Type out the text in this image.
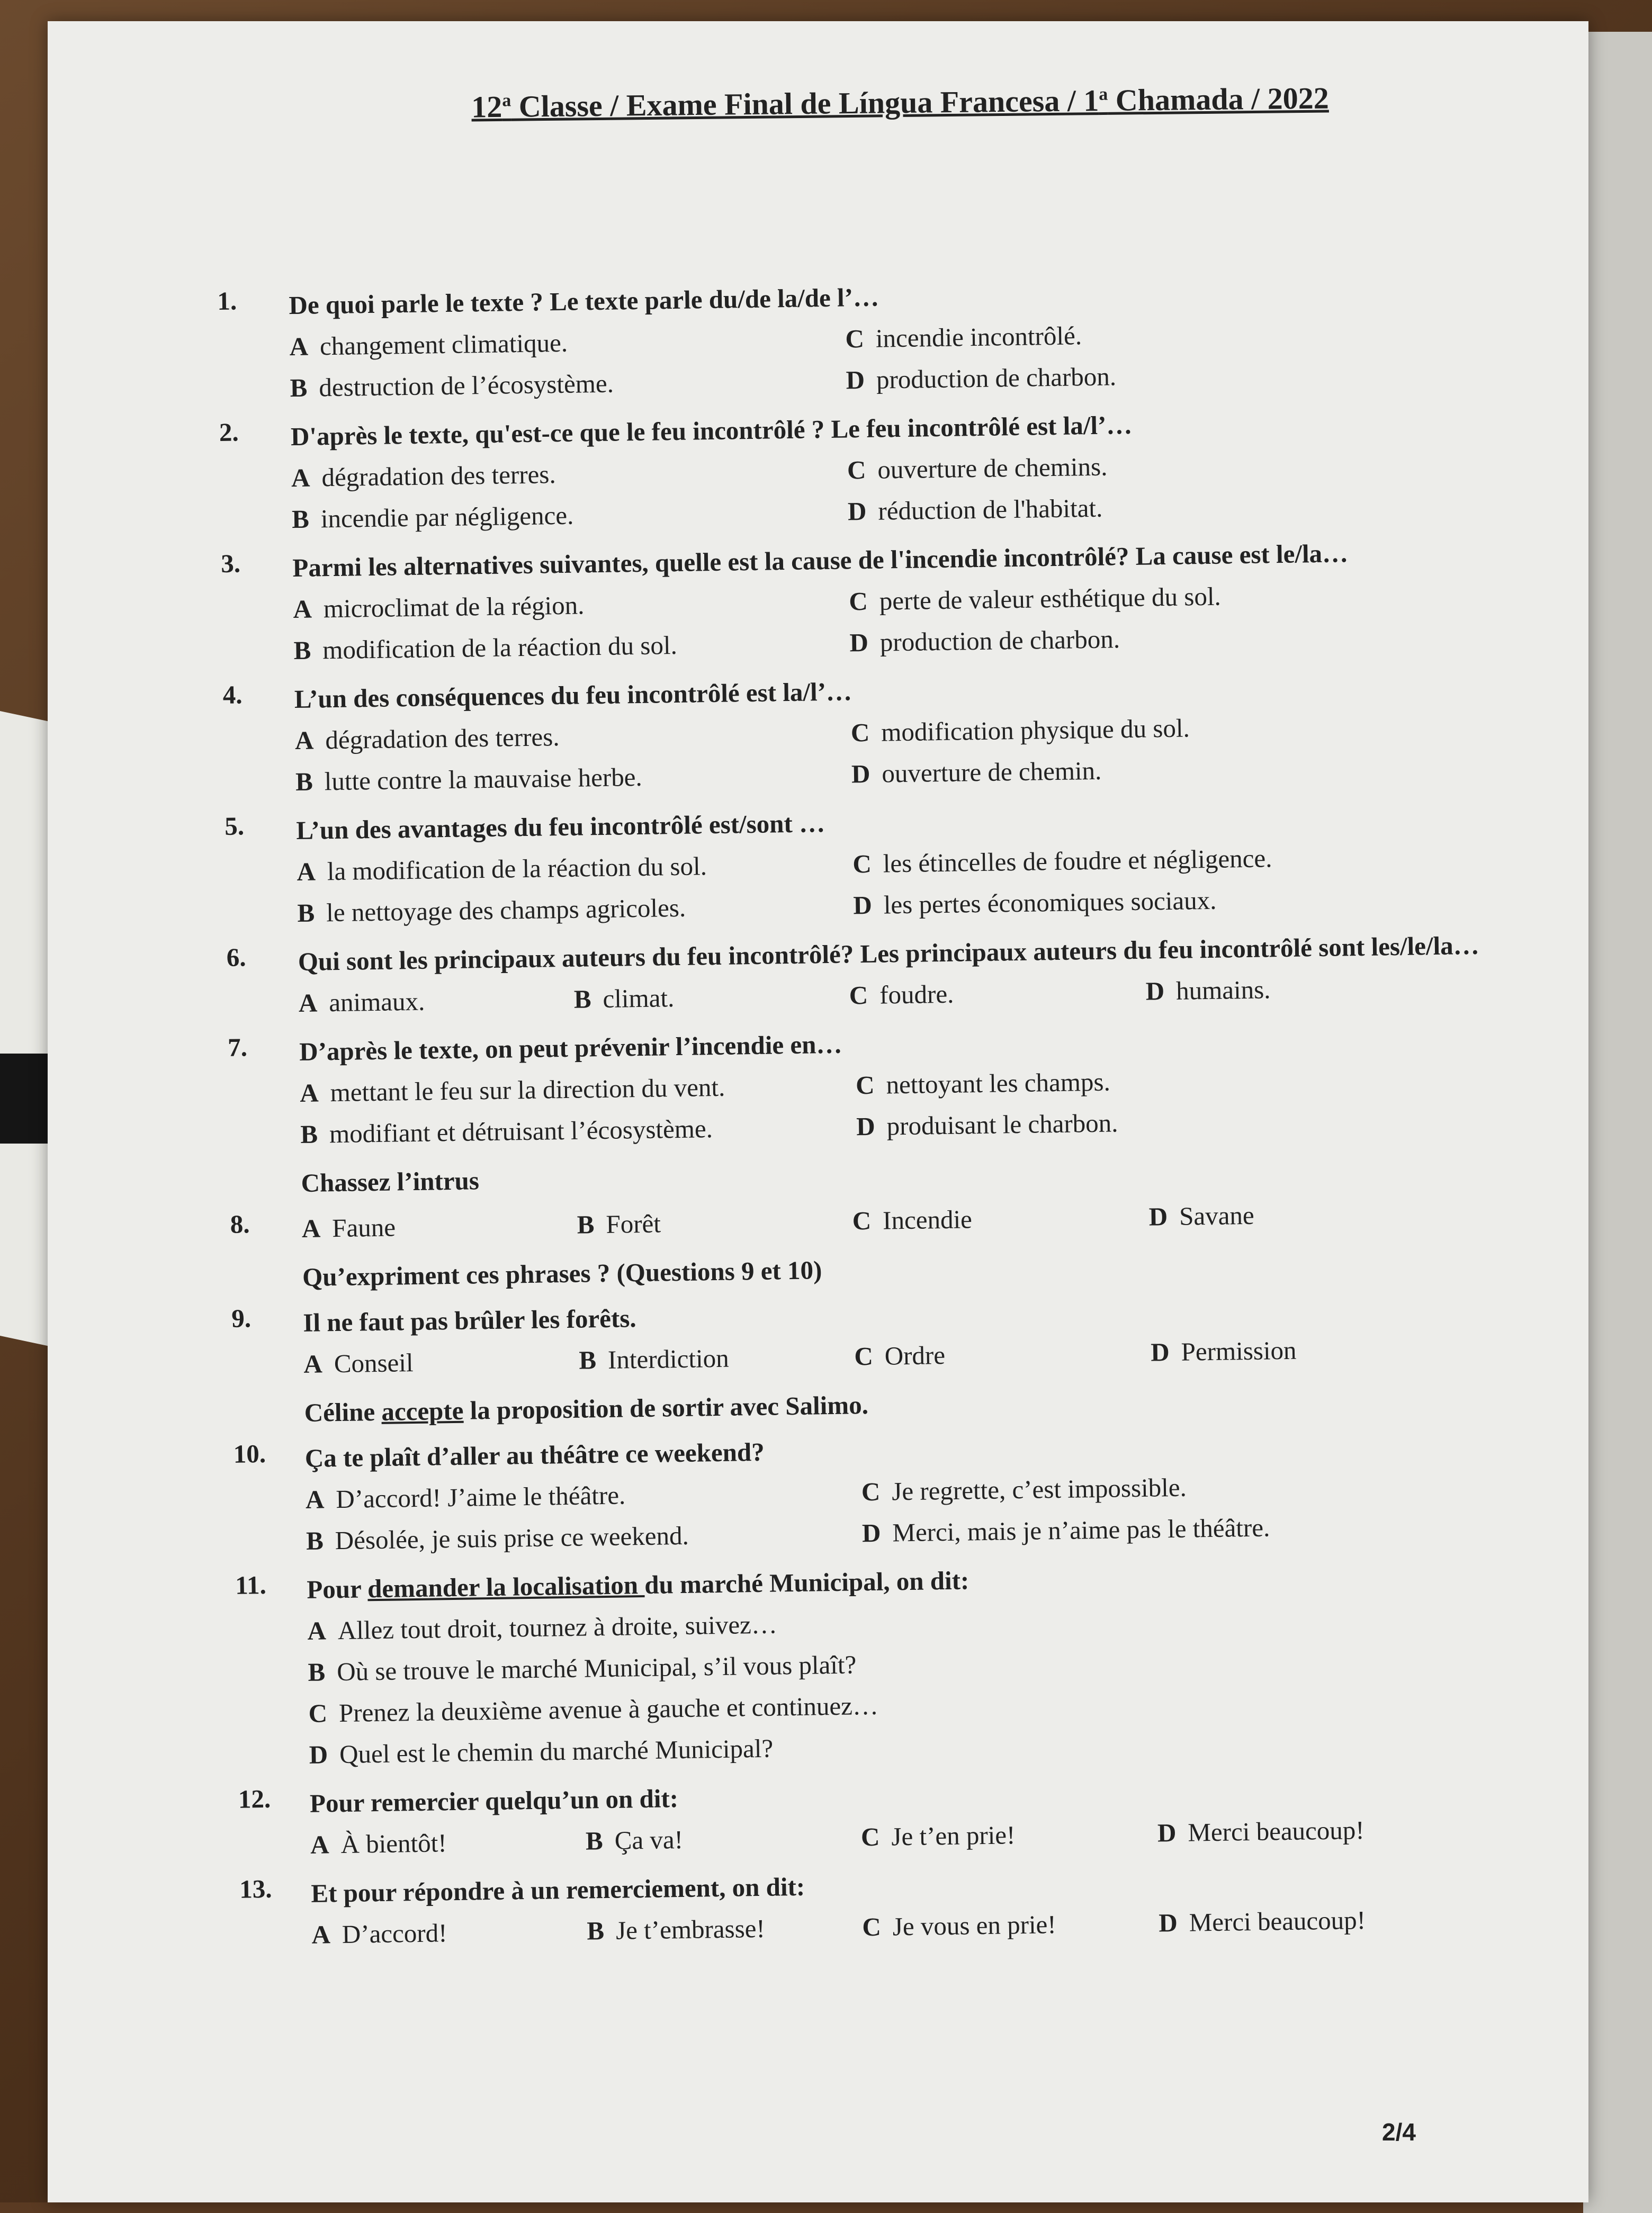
12$^a$ Classe / Exame Final de Língua Francesa / 1$^a$ Chamada / 2022
1. De quoi parle le texte ? Le texte parle du/de la/de l’…
A changement climatique.	C incendie incontrôlé.
B destruction de l’écosystème.	D production de charbon.
2. D'après le texte, qu'est-ce que le feu incontrôlé ? Le feu incontrôlé est la/l’…
A dégradation des terres.	C ouverture de chemins.
B incendie par négligence.	D réduction de l'habitat.
3. Parmi les alternatives suivantes, quelle est la cause de l'incendie incontrôlé? La cause est le/la…
A microclimat de la région.	C perte de valeur esthétique du sol.
B modification de la réaction du sol.	D production de charbon.
4. L’un des conséquences du feu incontrôlé est la/l’…
A dégradation des terres.	C modification physique du sol.
B lutte contre la mauvaise herbe.	D ouverture de chemin.
5. L’un des avantages du feu incontrôlé est/sont …
A la modification de la réaction du sol.	C les étincelles de foudre et négligence.
B le nettoyage des champs agricoles.	D les pertes économiques sociaux.
6. Qui sont les principaux auteurs du feu incontrôlé? Les principaux auteurs du feu incontrôlé sont les/le/la…
A animaux.	B climat.	C foudre.	D humains.
7. D’après le texte, on peut prévenir l’incendie en…
A mettant le feu sur la direction du vent.	C nettoyant les champs.
B modifiant et détruisant l’écosystème.	D produisant le charbon.
Chassez l’intrus
8. A Faune	B Forêt	C Incendie	D Savane
Qu’expriment ces phrases ? (Questions 9 et 10)
9. Il ne faut pas brûler les forêts.
A Conseil	B Interdiction	C Ordre	D Permission
Céline accepte la proposition de sortir avec Salimo.
10. Ça te plaît d’aller au théâtre ce weekend?
A D’accord! J’aime le théâtre.	C Je regrette, c’est impossible.
B Désolée, je suis prise ce weekend.	D Merci, mais je n’aime pas le théâtre.
11. Pour demander la localisation du marché Municipal, on dit:
A Allez tout droit, tournez à droite, suivez…
B Où se trouve le marché Municipal, s’il vous plaît?
C Prenez la deuxième avenue à gauche et continuez…
D Quel est le chemin du marché Municipal?
12. Pour remercier quelqu’un on dit:
A À bientôt!	B Ça va!	C Je t’en prie!	D Merci beaucoup!
13. Et pour répondre à un remerciement, on dit:
A D’accord!	B Je t’embrasse!	C Je vous en prie!	D Merci beaucoup!
2/4
